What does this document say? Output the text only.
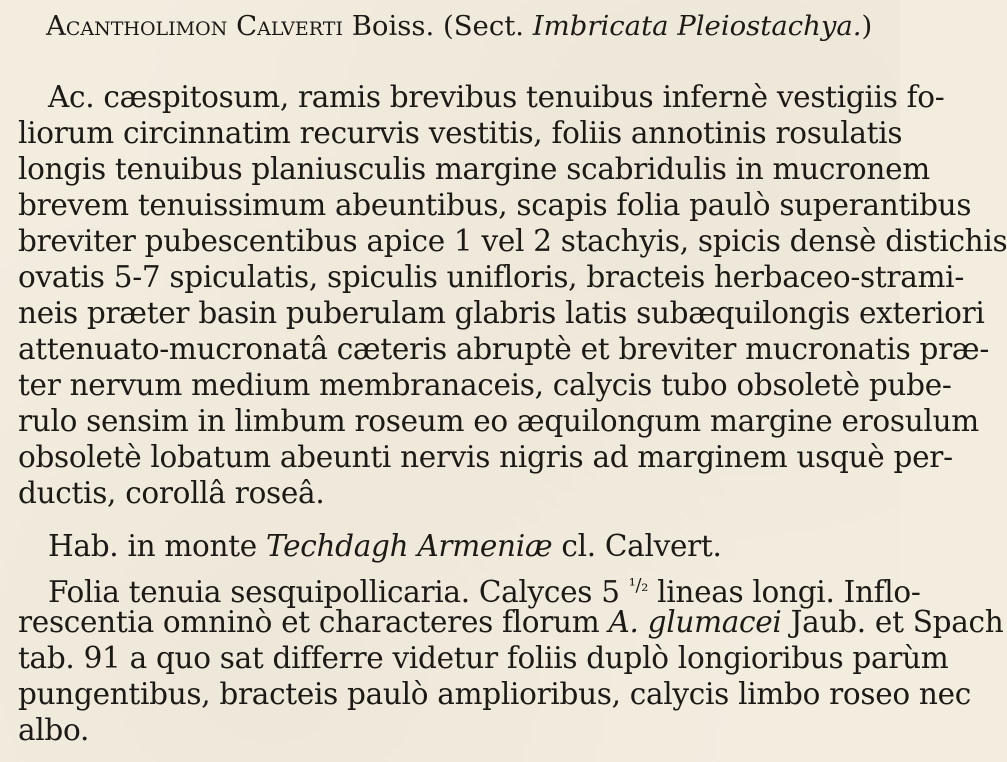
Acantholimon Calverti Boiss. (Sect. Imbricata Pleiostachya.)
Ac. cæspitosum, ramis brevibus tenuibus infernè vestigiis fo-
liorum circinnatim recurvis vestitis, foliis annotinis rosulatis
longis tenuibus planiusculis margine scabridulis in mucronem
brevem tenuissimum abeuntibus, scapis folia paulò superantibus
breviter pubescentibus apice 1 vel 2 stachyis, spicis densè distichis
ovatis 5-7 spiculatis, spiculis unifloris, bracteis herbaceo-strami-
neis præter basin puberulam glabris latis subæquilongis exteriori
attenuato-mucronatâ cæteris abruptè et breviter mucronatis præ-
ter nervum medium membranaceis, calycis tubo obsoletè pube-
rulo sensim in limbum roseum eo æquilongum margine erosulum
obsoletè lobatum abeunti nervis nigris ad marginem usquè per-
ductis, corollâ roseâ.
Hab. in monte Techdagh Armeniæ cl. Calvert.
Folia tenuia sesquipollicaria. Calyces 5 $^{^1/_2}$ lineas longi. Inflo-
rescentia omninò et characteres florum A. glumacei Jaub. et Spach
tab. 91 a quo sat differre videtur foliis duplò longioribus parùm
pungentibus, bracteis paulò amplioribus, calycis limbo roseo nec
albo.
